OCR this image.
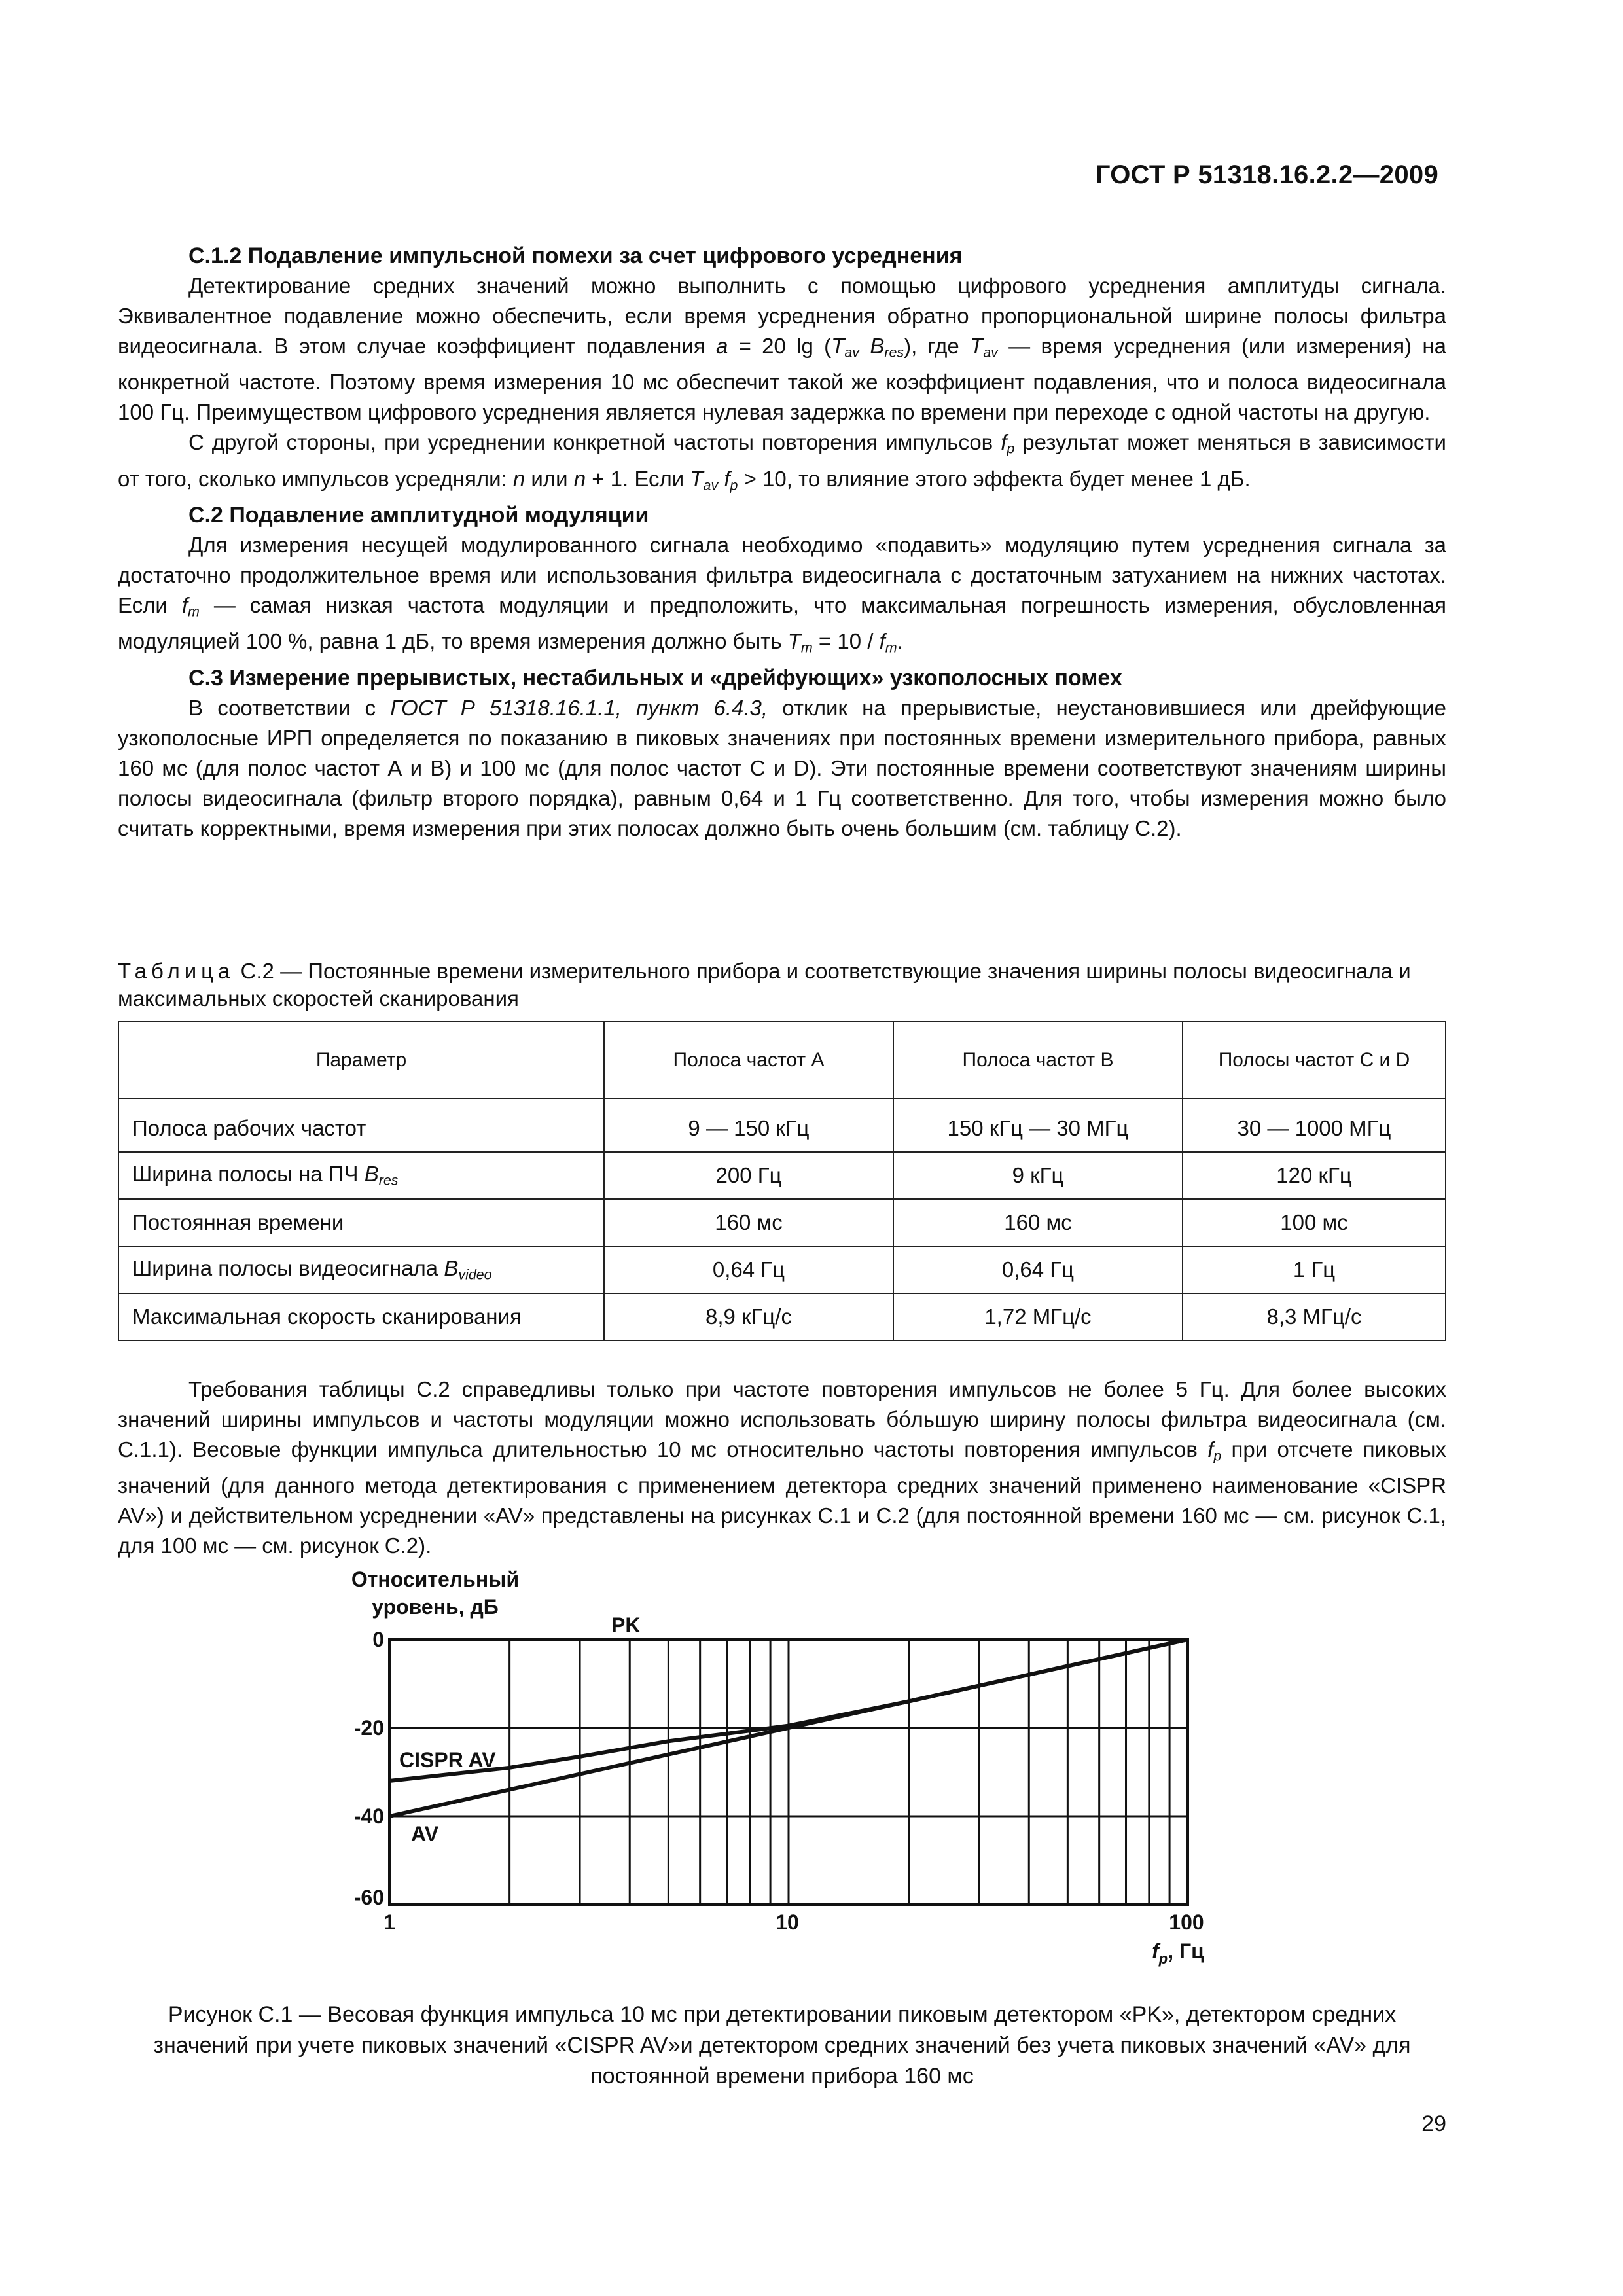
ГОСТ Р 51318.16.2.2—2009

С.1.2 Подавление импульсной помехи за счет цифрового усреднения

Детектирование средних значений можно выполнить с помощью цифрового усреднения амплитуды сигнала. Эквивалентное подавление можно обеспечить, если время усреднения обратно пропорциональной ширине полосы фильтра видеосигнала. В этом случае коэффициент подавления a = 20 $\lg (T_{av}$ $B_{res}$), где $T_{av}$ — время усреднения (или измерения) на конкретной частоте. Поэтому время измерения 10 мс обеспечит такой же коэффициент подавления, что и полоса видеосигнала 100 Гц. Преимуществом цифрового усреднения является нулевая задержка по времени при переходе с одной частоты на другую.

С другой стороны, при усреднении конкретной частоты повторения импульсов $f_p$ результат может меняться в зависимости от того, сколько импульсов усредняли: n или n + 1. Если $T_{av}$ $f_p > 10$, то влияние этого эффекта будет менее 1 дБ.

С.2 Подавление амплитудной модуляции

Для измерения несущей модулированного сигнала необходимо «подавить» модуляцию путем усреднения сигнала за достаточно продолжительное время или использования фильтра видеосигнала с достаточным затуханием на нижних частотах. Если $f_m$ — самая низкая частота модуляции и предположить, что максимальная погрешность измерения, обусловленная модуляцией 100 %, равна 1 дБ, то время измерения должно быть $T_m = 10 / f_m$.

С.3 Измерение прерывистых, нестабильных и «дрейфующих» узкополосных помех

В соответствии с ГОСТ Р 51318.16.1.1, пункт 6.4.3, отклик на прерывистые, неустановившиеся или дрейфующие узкополосные ИРП определяется по показанию в пиковых значениях при постоянных времени измерительного прибора, равных 160 мс (для полос частот А и В) и 100 мс (для полос частот С и D). Эти постоянные времени соответствуют значениям ширины полосы видеосигнала (фильтр второго порядка), равным 0,64 и 1 Гц соответственно. Для того, чтобы измерения можно было считать корректными, время измерения при этих полосах должно быть очень большим (см. таблицу С.2).

Таблица С.2 — Постоянные времени измерительного прибора и соответствующие значения ширины полосы видеосигнала и максимальных скоростей сканирования
Параметр	Полоса частот А	Полоса частот В	Полосы частот С и D
Полоса рабочих частот	9 — 150 кГц	150 кГц — 30 МГц	30 — 1000 МГц
Ширина полосы на ПЧ $B_{res}$	200 Гц	9 кГц	120 кГц
Постоянная времени	160 мс	160 мс	100 мс
Ширина полосы видеосигнала $B_{video}$	0,64 Гц	0,64 Гц	1 Гц
Максимальная скорость сканирования	8,9 кГц/с	1,72 МГц/с	8,3 МГц/с

Требования таблицы С.2 справедливы только при частоте повторения импульсов не более 5 Гц. Для более высоких значений ширины импульсов и частоты модуляции можно использовать бóльшую ширину полосы фильтра видеосигнала (см. С.1.1). Весовые функции импульса длительностью 10 мс относительно частоты повторения импульсов $f_p$ при отсчете пиковых значений (для данного метода детектирования с применением детектора средних значений применено наименование «CISPR AV») и действительном усреднении «AV» представлены на рисунках С.1 и С.2 (для постоянной времени 160 мс — см. рисунок С.1, для 100 мс — см. рисунок С.2).

0
-20
-40
-60
1	10	100
Относительный
уровень, дБ
$f_p$, Гц
PK
CISPR AV
AV
Рисунок С.1 — Весовая функция импульса 10 мс при детектировании пиковым детектором «PK», детектором средних значений при учете пиковых значений «CISPR AV»и детектором средних значений без учета пиковых значений «AV» для постоянной времени прибора 160 мс
29
